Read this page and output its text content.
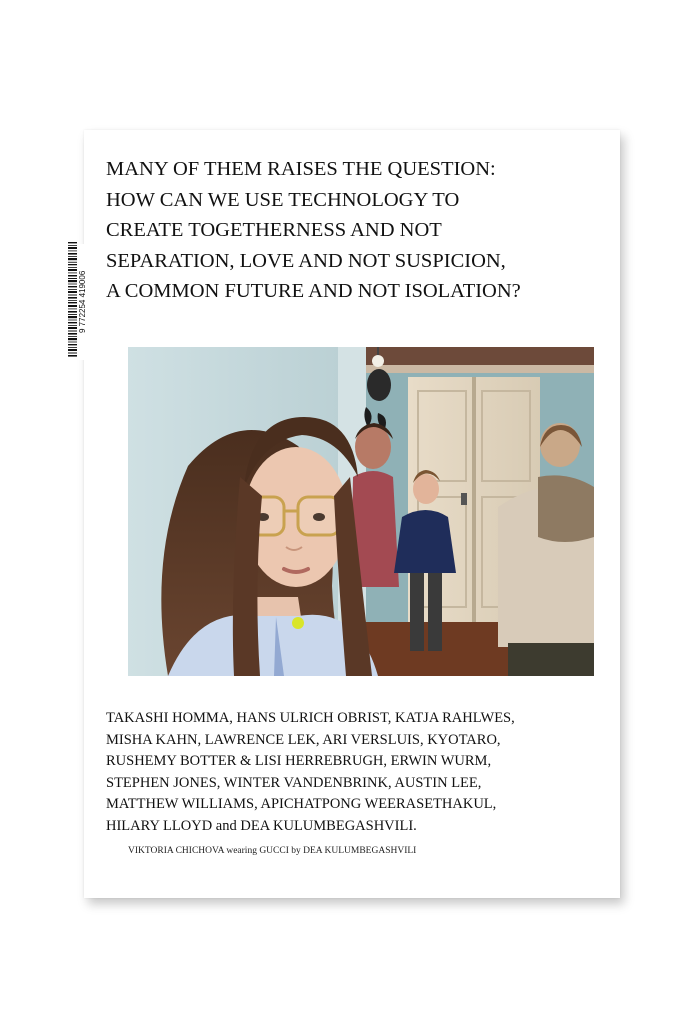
MANY OF THEM RAISES THE QUESTION:
HOW CAN WE USE TECHNOLOGY TO
CREATE TOGETHERNESS AND NOT
SEPARATION, LOVE AND NOT SUSPICION,
A COMMON FUTURE AND NOT ISOLATION?
9 772254 419006

TAKASHI HOMMA, HANS ULRICH OBRIST, KATJA RAHLWES,
MISHA KAHN, LAWRENCE LEK, ARI VERSLUIS, KYOTARO,
RUSHEMY BOTTER & LISI HERREBRUGH, ERWIN WURM,
STEPHEN JONES, WINTER VANDENBRINK, AUSTIN LEE,
MATTHEW WILLIAMS, APICHATPONG WEERASETHAKUL,
HILARY LLOYD and DEA KULUMBEGASHVILI.

VIKTORIA CHICHOVA wearing GUCCI by DEA KULUMBEGASHVILI
